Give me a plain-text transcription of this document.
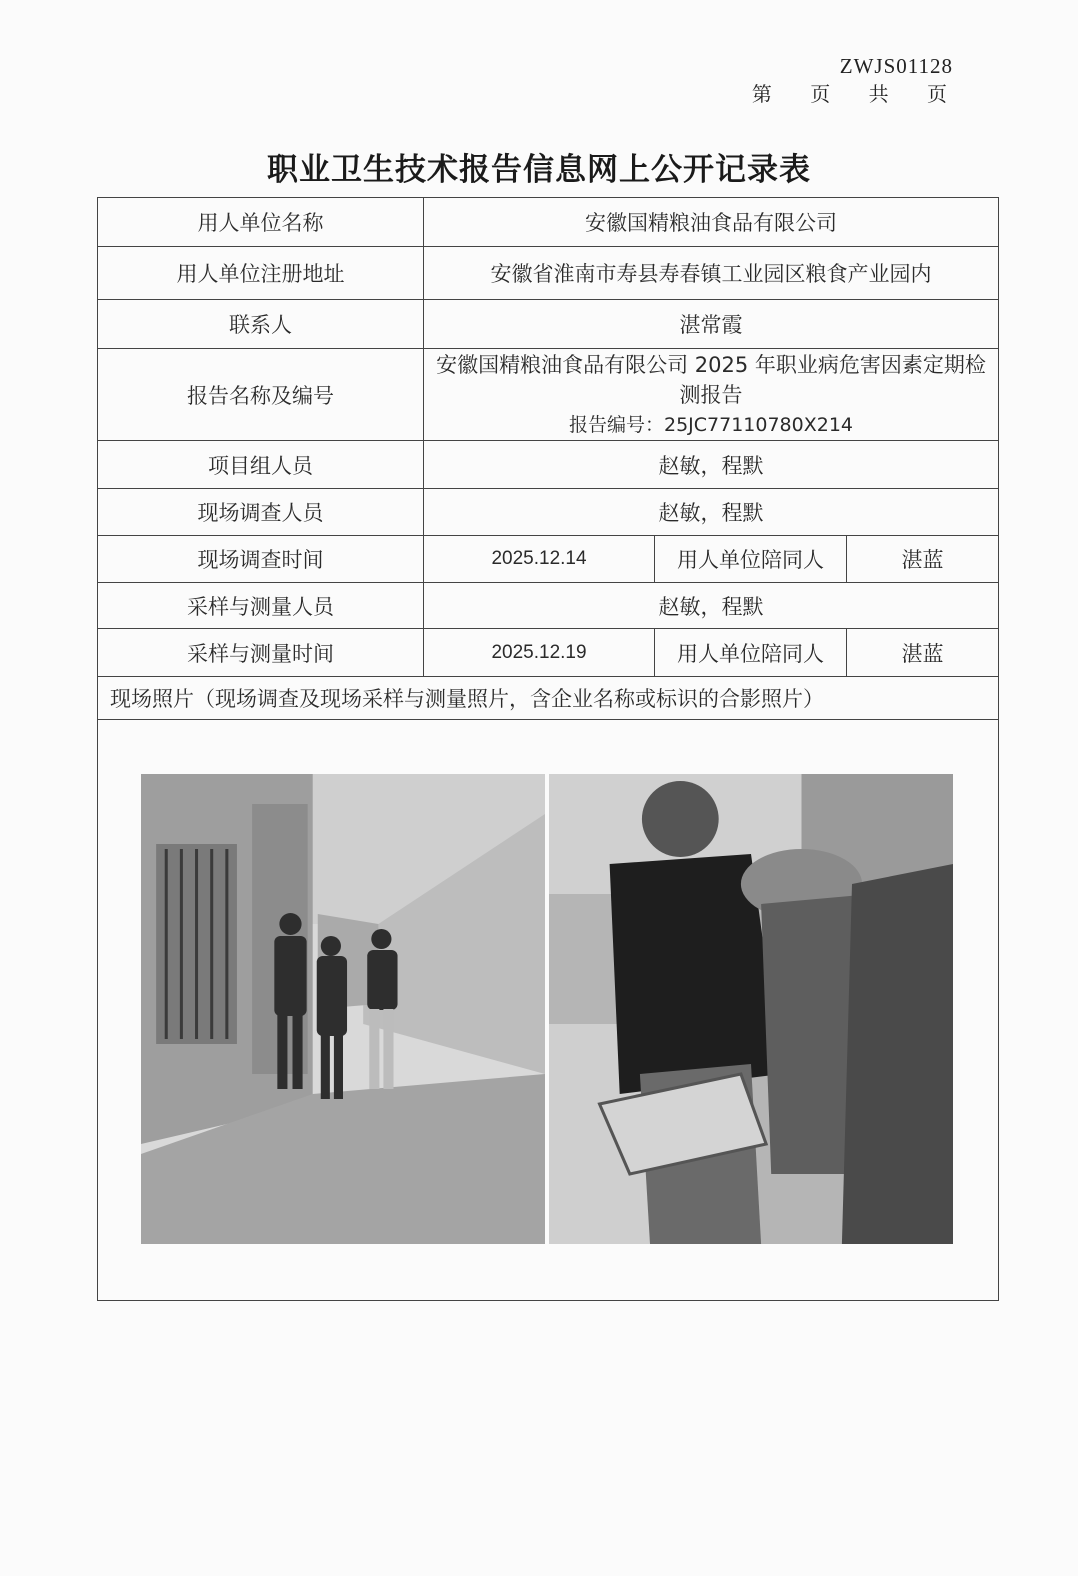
ZWJS01128
第 页 共 页
职业卫生技术报告信息网上公开记录表
用人单位名称	安徽国精粮油食品有限公司		
用人单位注册地址	安徽省淮南市寿县寿春镇工业园区粮食产业园内		
联系人	湛常霞		
报告名称及编号	安徽国精粮油食品有限公司 2025 年职业病危害因素定期检测报告
报告编号：25JC77110780X214		

项目组人员	赵敏，程默		
现场调查人员	赵敏，程默		
现场调查时间	2025.12.14	用人单位陪同人	湛蓝
采样与测量人员	赵敏，程默		
采样与测量时间	2025.12.19	用人单位陪同人	湛蓝
现场照片（现场调查及现场采样与测量照片，含企业名称或标识的合影照片）			
